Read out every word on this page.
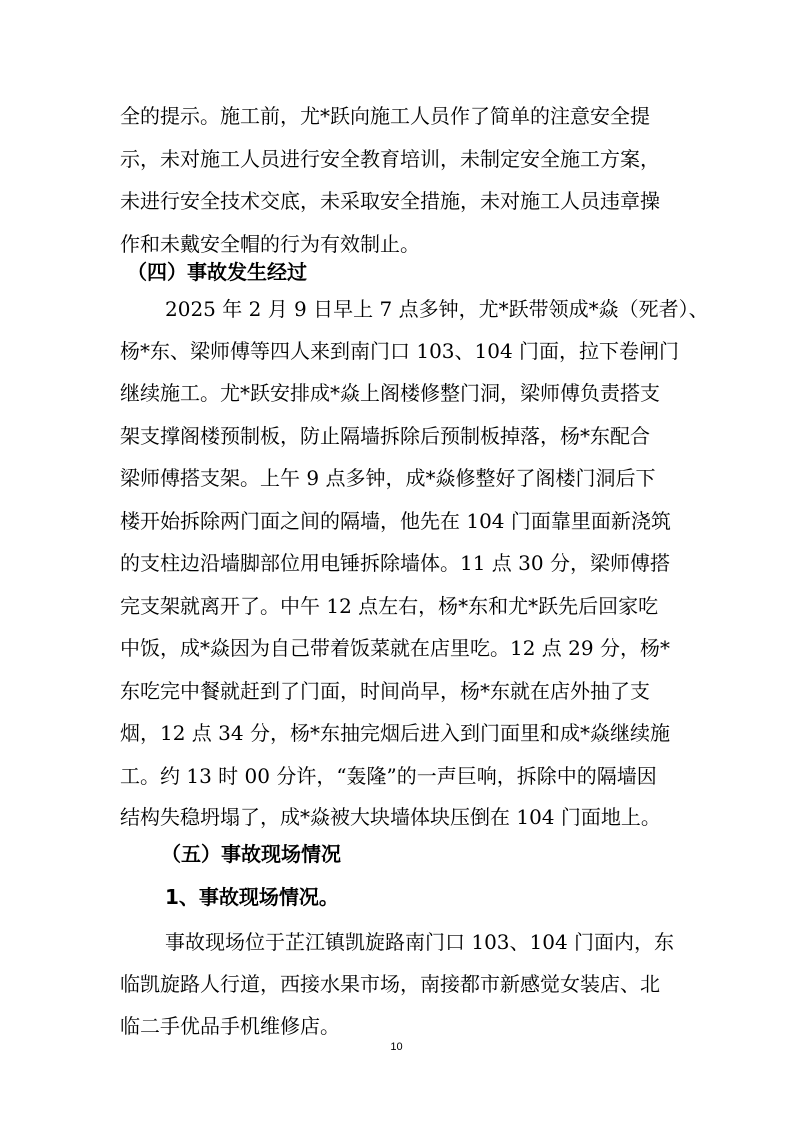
全的提示。施工前，尤*跃向施工人员作了简单的注意安全提
示，未对施工人员进行安全教育培训，未制定安全施工方案，
未进行安全技术交底，未采取安全措施，未对施工人员违章操
作和未戴安全帽的行为有效制止。
（四）事故发生经过
2025 年 2 月 9 日早上 7 点多钟，尤*跃带领成*焱（死者）、
杨*东、梁师傅等四人来到南门口 103、104 门面，拉下卷闸门
继续施工。尤*跃安排成*焱上阁楼修整门洞，梁师傅负责搭支
架支撑阁楼预制板，防止隔墙拆除后预制板掉落，杨*东配合
梁师傅搭支架。上午 9 点多钟，成*焱修整好了阁楼门洞后下
楼开始拆除两门面之间的隔墙，他先在 104 门面靠里面新浇筑
的支柱边沿墙脚部位用电锤拆除墙体。11 点 30 分，梁师傅搭
完支架就离开了。中午 12 点左右，杨*东和尤*跃先后回家吃
中饭，成*焱因为自己带着饭菜就在店里吃。12 点 29 分，杨*
东吃完中餐就赶到了门面，时间尚早，杨*东就在店外抽了支
烟，12 点 34 分，杨*东抽完烟后进入到门面里和成*焱继续施
工。约 13 时 00 分许，“轰隆”的一声巨响，拆除中的隔墙因
结构失稳坍塌了，成*焱被大块墙体块压倒在 104 门面地上。
（五）事故现场情况
1、事故现场情况。
事故现场位于芷江镇凯旋路南门口 103、104 门面内，东
临凯旋路人行道，西接水果市场，南接都市新感觉女装店、北
临二手优品手机维修店。
10
